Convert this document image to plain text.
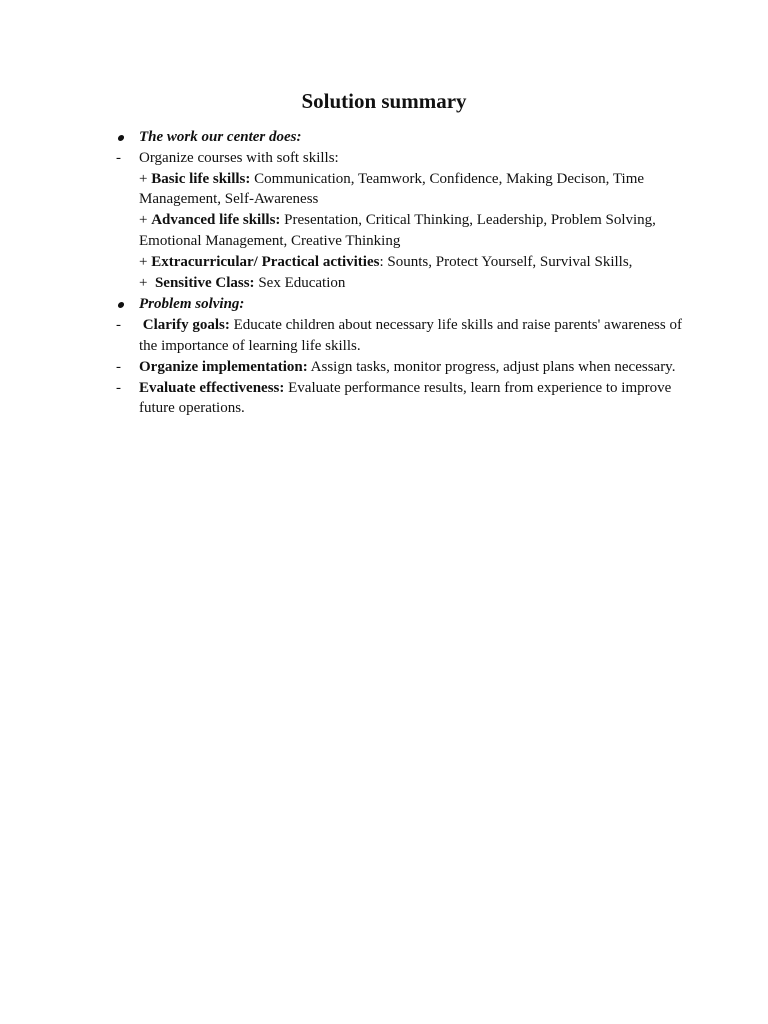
Solution summary
The work our center does:
-	Organize courses with soft skills:
+ Basic life skills: Communication, Teamwork, Confidence, Making Decison, Time Management, Self-Awareness
+ Advanced life skills: Presentation, Critical Thinking, Leadership, Problem Solving, Emotional Management, Creative Thinking
+ Extracurricular/ Practical activities: Sounts, Protect Yourself, Survival Skills,
+  Sensitive Class: Sex Education
Problem solving:
-	Clarify goals: Educate children about necessary life skills and raise parents' awareness of the importance of learning life skills.
-	Organize implementation: Assign tasks, monitor progress, adjust plans when necessary.
-	Evaluate effectiveness: Evaluate performance results, learn from experience to improve future operations.
